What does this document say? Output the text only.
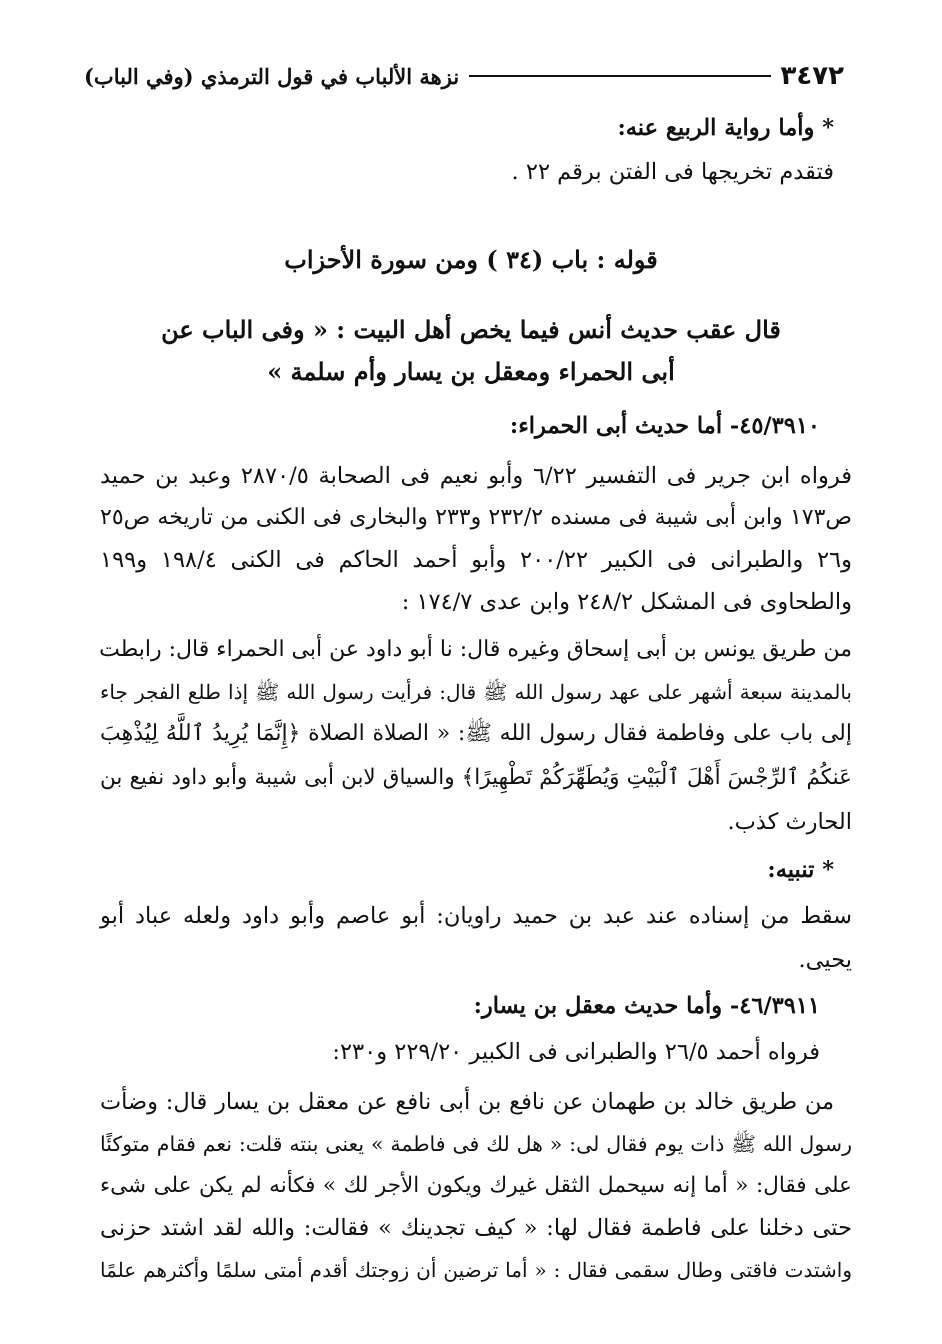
٣٤٧٢
نزهة الألباب في قول الترمذي (وفي الباب)
* وأما رواية الربيع عنه:
فتقدم تخريجها فى الفتن برقم ٢٢ .
قوله : باب (٣٤ ) ومن سورة الأحزاب
قال عقب حديث أنس فيما يخص أهل البيت : « وفى الباب عن
أبى الحمراء ومعقل بن يسار وأم سلمة »
٤٥/٣٩١٠- أما حديث أبى الحمراء:
فرواه ابن جرير فى التفسير ٦/٢٢ وأبو نعيم فى الصحابة ٢٨٧٠/٥ وعبد بن حميد
ص١٧٣ وابن أبى شيبة فى مسنده ٢٣٢/٢ و٢٣٣ والبخارى فى الكنى من تاريخه ص٢٥
و٢٦ والطبرانى فى الكبير ٢٠٠/٢٢ وأبو أحمد الحاكم فى الكنى ١٩٨/٤ و١٩٩
والطحاوى فى المشكل ٢٤٨/٢ وابن عدى ١٧٤/٧ :
من طريق يونس بن أبى إسحاق وغيره قال: نا أبو داود عن أبى الحمراء قال: رابطت
بالمدينة سبعة أشهر على عهد رسول الله ﷺ قال: فرأيت رسول الله ﷺ إذا طلع الفجر جاء
إلى باب على وفاطمة فقال رسول الله ﷺ: « الصلاة الصلاة ﴿إِنَّمَا يُرِيدُ ٱللَّهُ لِيُذْهِبَ
عَنكُمُ ٱلرِّجْسَ أَهْلَ ٱلْبَيْتِ وَيُطَهِّرَكُمْ تَطْهِيرًا﴾ والسياق لابن أبى شيبة وأبو داود نفيع بن
الحارث كذب.
* تنبيه:
سقط من إسناده عند عبد بن حميد راويان: أبو عاصم وأبو داود ولعله عباد أبو
يحيى.
٤٦/٣٩١١- وأما حديث معقل بن يسار:
فرواه أحمد ٢٦/٥ والطبرانى فى الكبير ٢٢٩/٢٠ و٢٣٠:
من طريق خالد بن طهمان عن نافع بن أبى نافع عن معقل بن يسار قال: وضأت
رسول الله ﷺ ذات يوم فقال لى: « هل لك فى فاطمة » يعنى بنته قلت: نعم فقام متوكئًا
على فقال: « أما إنه سيحمل الثقل غيرك ويكون الأجر لك » فكأنه لم يكن على شىء
حتى دخلنا على فاطمة فقال لها: « كيف تجدينك » فقالت: والله لقد اشتد حزنى
واشتدت فاقتى وطال سقمى فقال : « أما ترضين أن زوجتك أقدم أمتى سلمًا وأكثرهم علمًا
